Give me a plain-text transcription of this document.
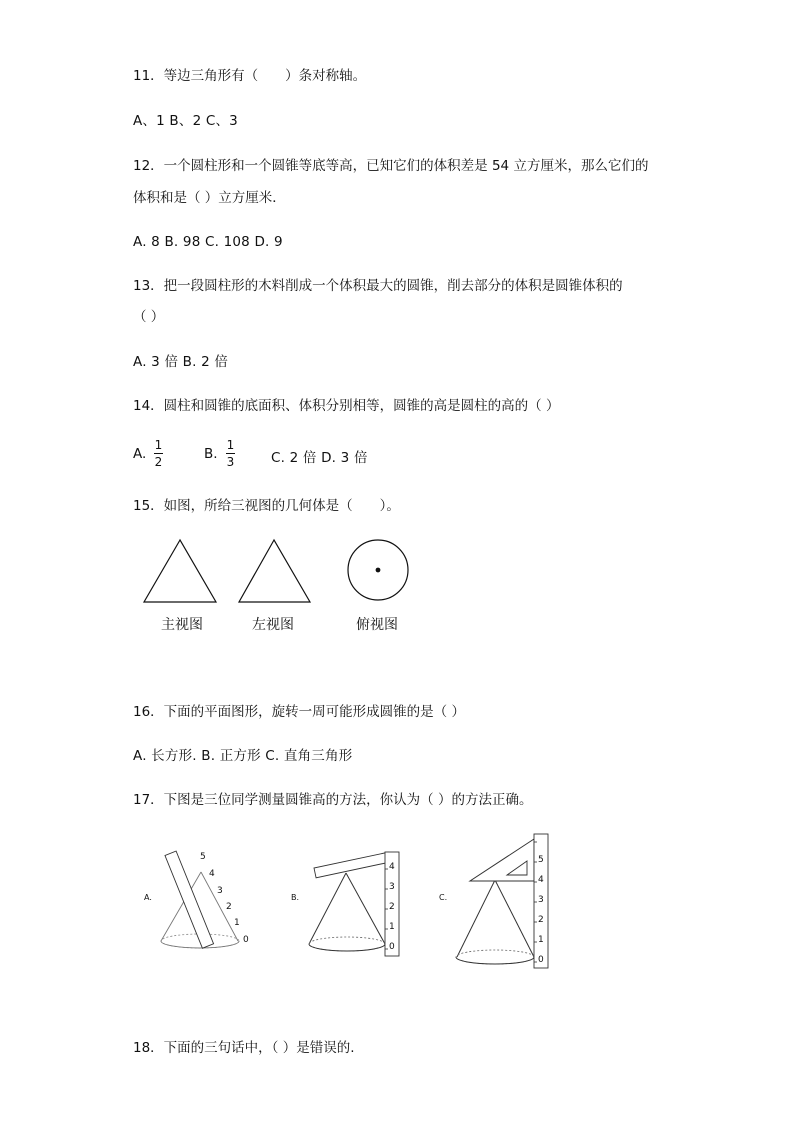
11．等边三角形有（　　）条对称轴。
A、1 B、2 C、3
12．一个圆柱形和一个圆锥等底等高，已知它们的体积差是 54 立方厘米，那么它们的
体积和是（ ）立方厘米．
A. 8 B. 98 C. 108 D. 9
13．把一段圆柱形的木料削成一个体积最大的圆锥，削去部分的体积是圆锥体积的
（ ）
A. 3 倍 B. 2 倍
14．圆柱和圆锥的底面积、体积分别相等，圆锥的高是圆柱的高的（ ）
A.
1
2	B.
1
3	C. 2 倍 D. 3 倍
15．如图，所给三视图的几何体是（　　）。
主视图	左视图	俯视图
16．下面的平面图形，旋转一周可能形成圆锥的是（ ）
A. 长方形. B. 正方形 C. 直角三角形
17．下图是三位同学测量圆锥高的方法，你认为（ ）的方法正确。
A.	B.	C.
0
1
2
3
4
5
0
1
2
3
4
0
1
2
3
4
5
18．下面的三句话中，（ ）是错误的.
